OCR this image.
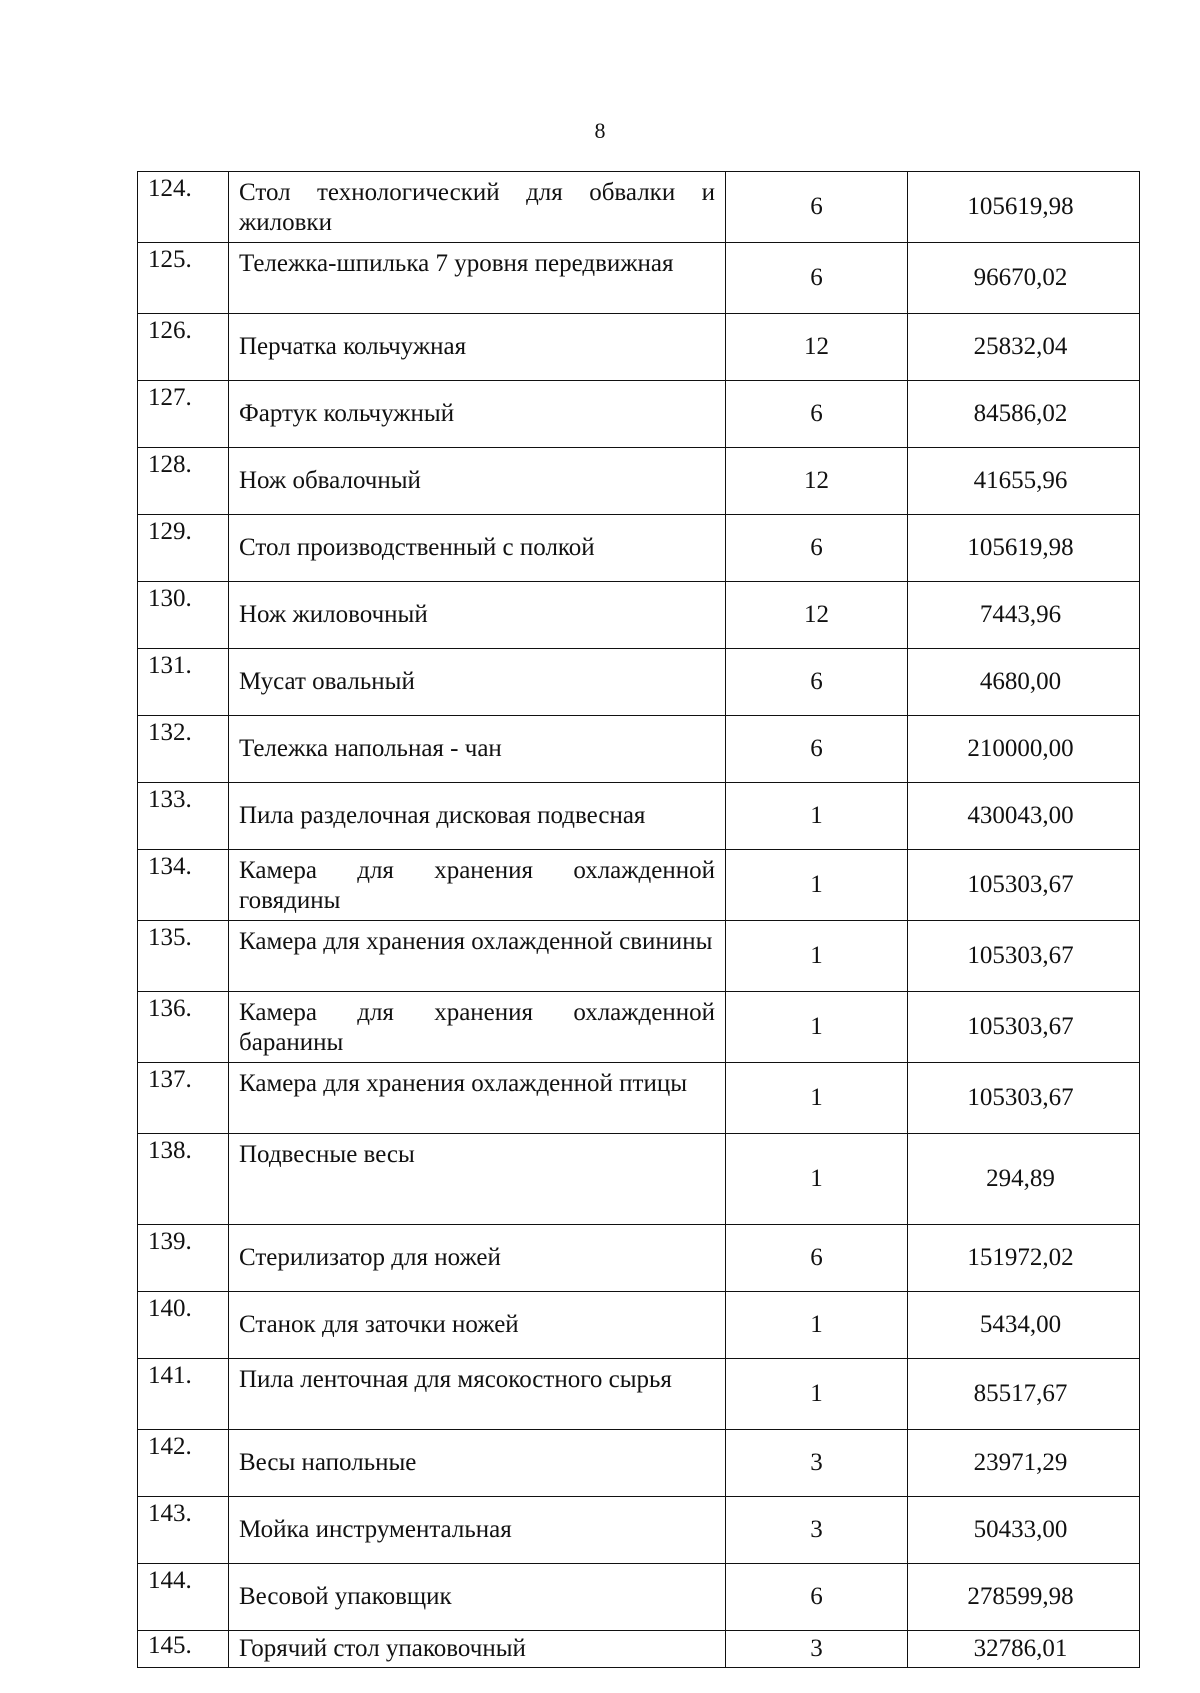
8
124.	Стол технологический для обвалки и жиловки	6	105619,98
125.	Тележка-шпилька 7 уровня передвижная	6	96670,02
126.	Перчатка кольчужная	12	25832,04
127.	Фартук кольчужный	6	84586,02
128.	Нож обвалочный	12	41655,96
129.	Стол производственный с полкой	6	105619,98
130.	Нож жиловочный	12	7443,96
131.	Мусат овальный	6	4680,00
132.	Тележка напольная - чан	6	210000,00
133.	Пила разделочная дисковая подвесная	1	430043,00
134.	Камера для хранения охлажденной говядины	1	105303,67
135.	Камера для хранения охлажденной свинины	1	105303,67
136.	Камера для хранения охлажденной баранины	1	105303,67
137.	Камера для хранения охлажденной птицы	1	105303,67
138.	Подвесные весы	1	294,89
139.	Стерилизатор для ножей	6	151972,02
140.	Станок для заточки ножей	1	5434,00
141.	Пила ленточная для мясокостного сырья	1	85517,67
142.	Весы напольные	3	23971,29
143.	Мойка инструментальная	3	50433,00
144.	Весовой упаковщик	6	278599,98
145.	Горячий стол упаковочный	3	32786,01
